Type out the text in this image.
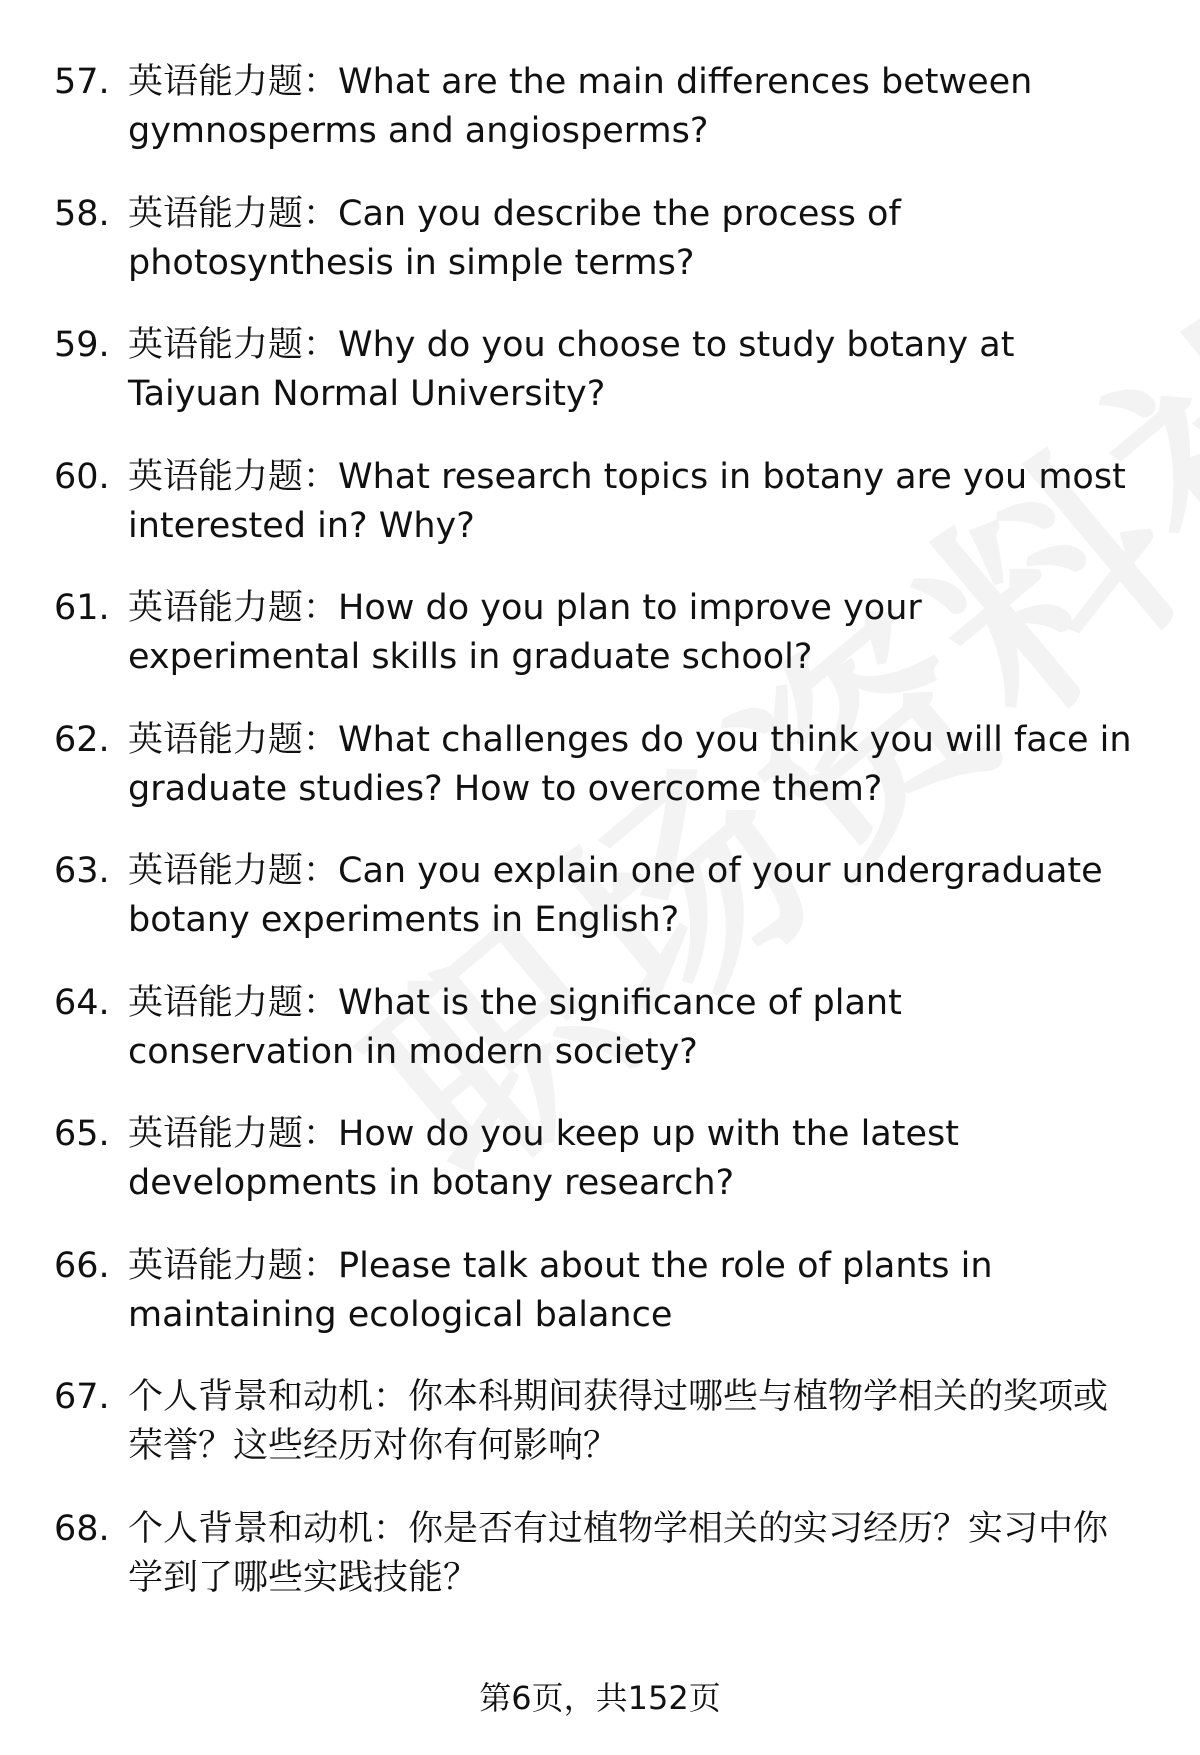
57. 英语能力题：What are the main differences between gymnosperms and angiosperms?
58. 英语能力题：Can you describe the process of photosynthesis in simple terms?
59. 英语能力题：Why do you choose to study botany at Taiyuan Normal University?
60. 英语能力题：What research topics in botany are you most interested in? Why?
61. 英语能力题：How do you plan to improve your experimental skills in graduate school?
62. 英语能力题：What challenges do you think you will face in graduate studies? How to overcome them?
63. 英语能力题：Can you explain one of your undergraduate botany experiments in English?
64. 英语能力题：What is the significance of plant conservation in modern society?
65. 英语能力题：How do you keep up with the latest developments in botany research?
66. 英语能力题：Please talk about the role of plants in maintaining ecological balance
67. 个人背景和动机：你本科期间获得过哪些与植物学相关的奖项或荣誉？这些经历对你有何影响？
68. 个人背景和动机：你是否有过植物学相关的实习经历？实习中你学到了哪些实践技能？
第6页，共152页
